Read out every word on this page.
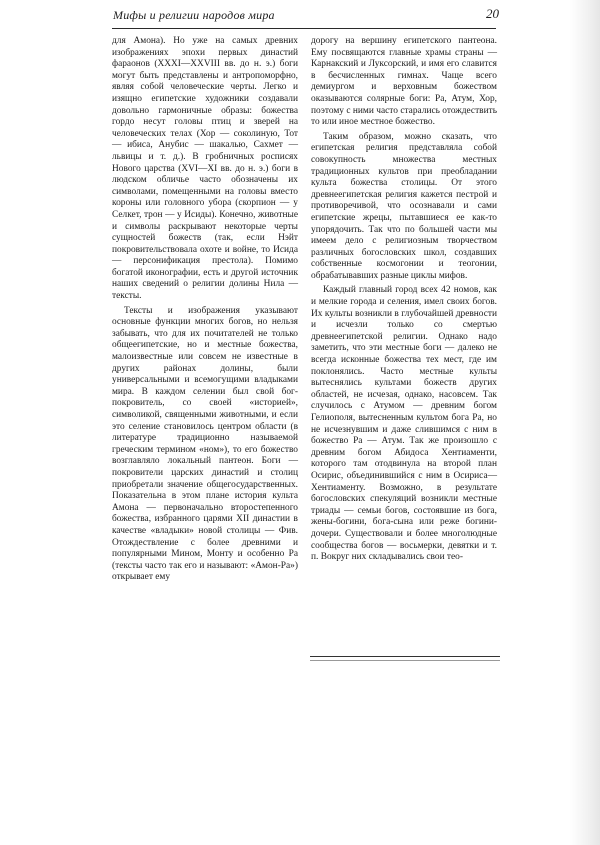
Мифы и религии народов мира	20

для Амона). Но уже на самых древних изображениях эпохи первых династий фараонов (XXXI—XXVIII вв. до н. э.) боги могут быть представлены и антропоморфно, являя собой человеческие черты. Легко и изящно египетские художники создавали довольно гармоничные образы: божества гордо несут головы птиц и зверей на человеческих телах (Хор — соколиную, Тот — ибиса, Анубис — шакалью, Сахмет — львицы и т. д.). В гробничных росписях Нового царства (XVI—XI вв. до н. э.) боги в людском обличье часто обозначены их символами, помещенными на головы вместо короны или головного убора (скорпион — у Селкет, трон — у Исиды). Конечно, животные и символы раскрывают некоторые черты сущностей божеств (так, если Нэйт покровительствовала охоте и войне, то Исида — персонификация престола). Помимо богатой иконографии, есть и другой источник наших сведений о религии долины Нила — тексты.

Тексты и изображения указывают основные функции многих богов, но нельзя забывать, что для их почитателей не только общеегипетские, но и местные божества, малоизвестные или совсем не известные в других районах долины, были универсальными и всемогущими владыками мира. В каждом селении был свой бог-покровитель, со своей «историей», символикой, священными животными, и если это селение становилось центром области (в литературе традиционно называемой греческим термином «ном»), то его божество возглавляло локальный пантеон. Боги — покровители царских династий и столиц приобретали значение общегосударственных. Показательна в этом плане история культа Амона — первоначально второстепенного божества, избранного царями XII династии в качестве «владыки» новой столицы — Фив. Отождествление с более древними и популярными Мином, Монту и особенно Ра (тексты часто так его и называют: «Амон-Ра») открывает ему

дорогу на вершину египетского пантеона. Ему посвящаются главные храмы страны — Карнакский и Луксорский, и имя его славится в бесчисленных гимнах. Чаще всего демиургом и верховным божеством оказываются солярные боги: Ра, Атум, Хор, поэтому с ними часто старались отождествить то или иное местное божество.

Таким образом, можно сказать, что египетская религия представляла собой совокупность множества местных традиционных культов при преобладании культа божества столицы. От этого древнеегипетская религия кажется пестрой и противоречивой, что осознавали и сами египетские жрецы, пытавшиеся ее как-то упорядочить. Так что по большей части мы имеем дело с религиозным творчеством различных богословских школ, создавших собственные космогонии и теогонии, обрабатывавших разные циклы мифов.

Каждый главный город всех 42 номов, как и мелкие города и селения, имел своих богов. Их культы возникли в глубочайшей древности и исчезли только со смертью древнеегипетской религии. Однако надо заметить, что эти местные боги — далеко не всегда исконные божества тех мест, где им поклонялись. Часто местные культы вытеснялись культами божеств других областей, не исчезая, однако, насовсем. Так случилось с Атумом — древним богом Гелиополя, вытесненным культом бога Ра, но не исчезнувшим и даже слившимся с ним в божество Ра — Атум. Так же произошло с древним богом Абидоса Хентиаменти, которого там отодвинула на второй план Осирис, объединившийся с ним в Осириса—Хентиаменту. Возможно, в результате богословских спекуляций возникли местные триады — семьи богов, состоявшие из бога, жены-богини, бога-сына или реже богини-дочери. Существовали и более многолюдные сообщества богов — восьмерки, девятки и т. п. Вокруг них складывались свои тео-
